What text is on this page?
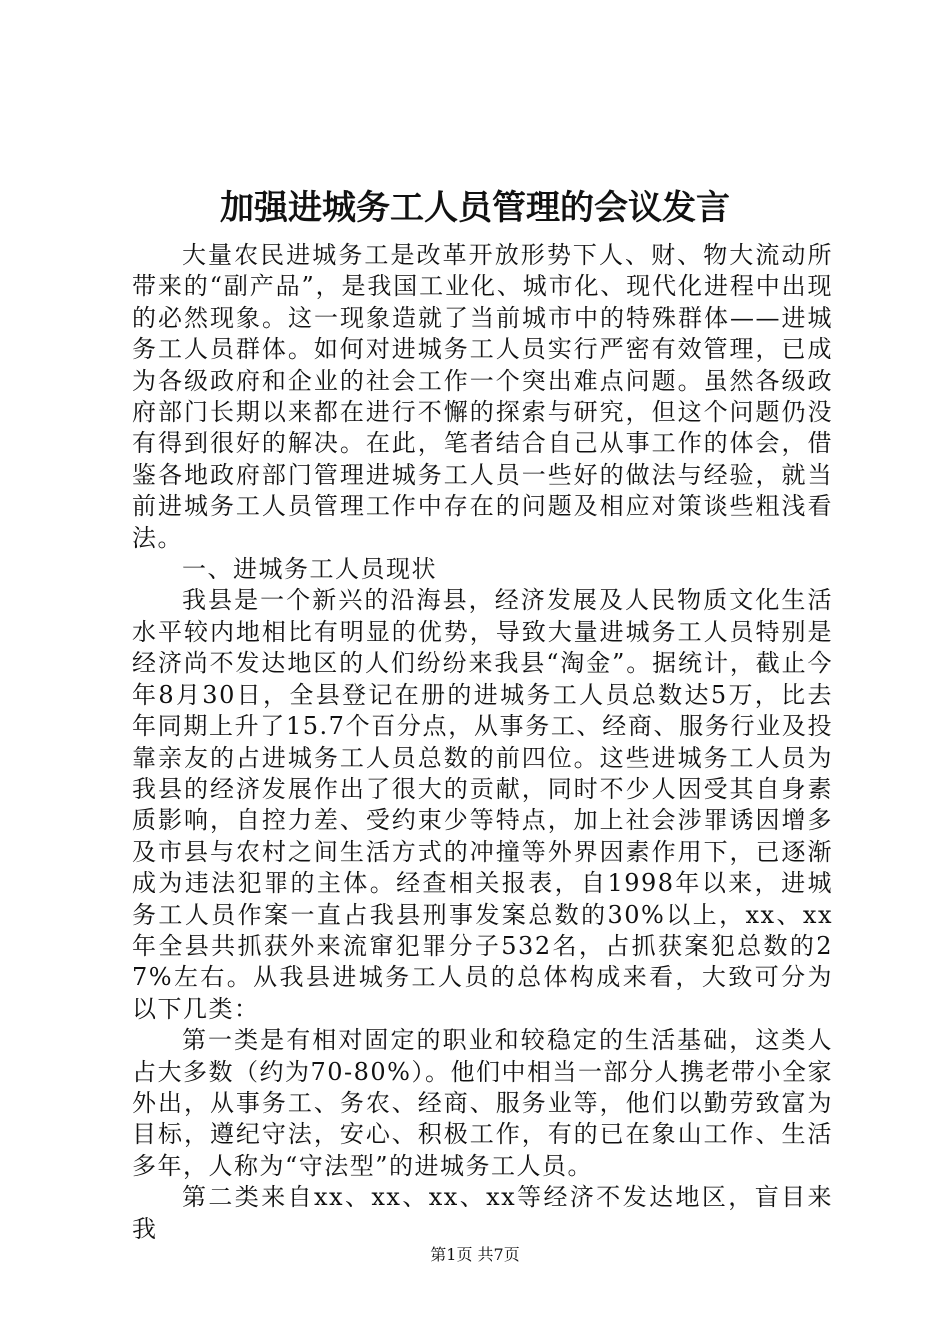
加强进城务工人员管理的会议发言

大量农民进城务工是改革开放形势下人、财、物大流动所带来的“副产品”，是我国工业化、城市化、现代化进程中出现的必然现象。这一现象造就了当前城市中的特殊群体——进城务工人员群体。如何对进城务工人员实行严密有效管理，已成为各级政府和企业的社会工作一个突出难点问题。虽然各级政府部门长期以来都在进行不懈的探索与研究，但这个问题仍没有得到很好的解决。在此，笔者结合自己从事工作的体会，借鉴各地政府部门管理进城务工人员一些好的做法与经验，就当前进城务工人员管理工作中存在的问题及相应对策谈些粗浅看法。

一、进城务工人员现状

我县是一个新兴的沿海县，经济发展及人民物质文化生活水平较内地相比有明显的优势，导致大量进城务工人员特别是经济尚不发达地区的人们纷纷来我县“淘金”。据统计，截止今年8月30日，全县登记在册的进城务工人员总数达5万，比去年同期上升了15.7个百分点，从事务工、经商、服务行业及投靠亲友的占进城务工人员总数的前四位。这些进城务工人员为我县的经济发展作出了很大的贡献，同时不少人因受其自身素质影响，自控力差、受约束少等特点，加上社会涉罪诱因增多及市县与农村之间生活方式的冲撞等外界因素作用下，已逐渐成为违法犯罪的主体。经查相关报表，自1998年以来，进城务工人员作案一直占我县刑事发案总数的30%以上，xx、xx年全县共抓获外来流窜犯罪分子532名，占抓获案犯总数的27%左右。从我县进城务工人员的总体构成来看，大致可分为以下几类：

第一类是有相对固定的职业和较稳定的生活基础，这类人占大多数（约为70-80%）。他们中相当一部分人携老带小全家外出，从事务工、务农、经商、服务业等，他们以勤劳致富为目标，遵纪守法，安心、积极工作，有的已在象山工作、生活多年，人称为“守法型”的进城务工人员。

第二类来自xx、xx、xx、xx等经济不发达地区，盲目来我

第1页 共7页
